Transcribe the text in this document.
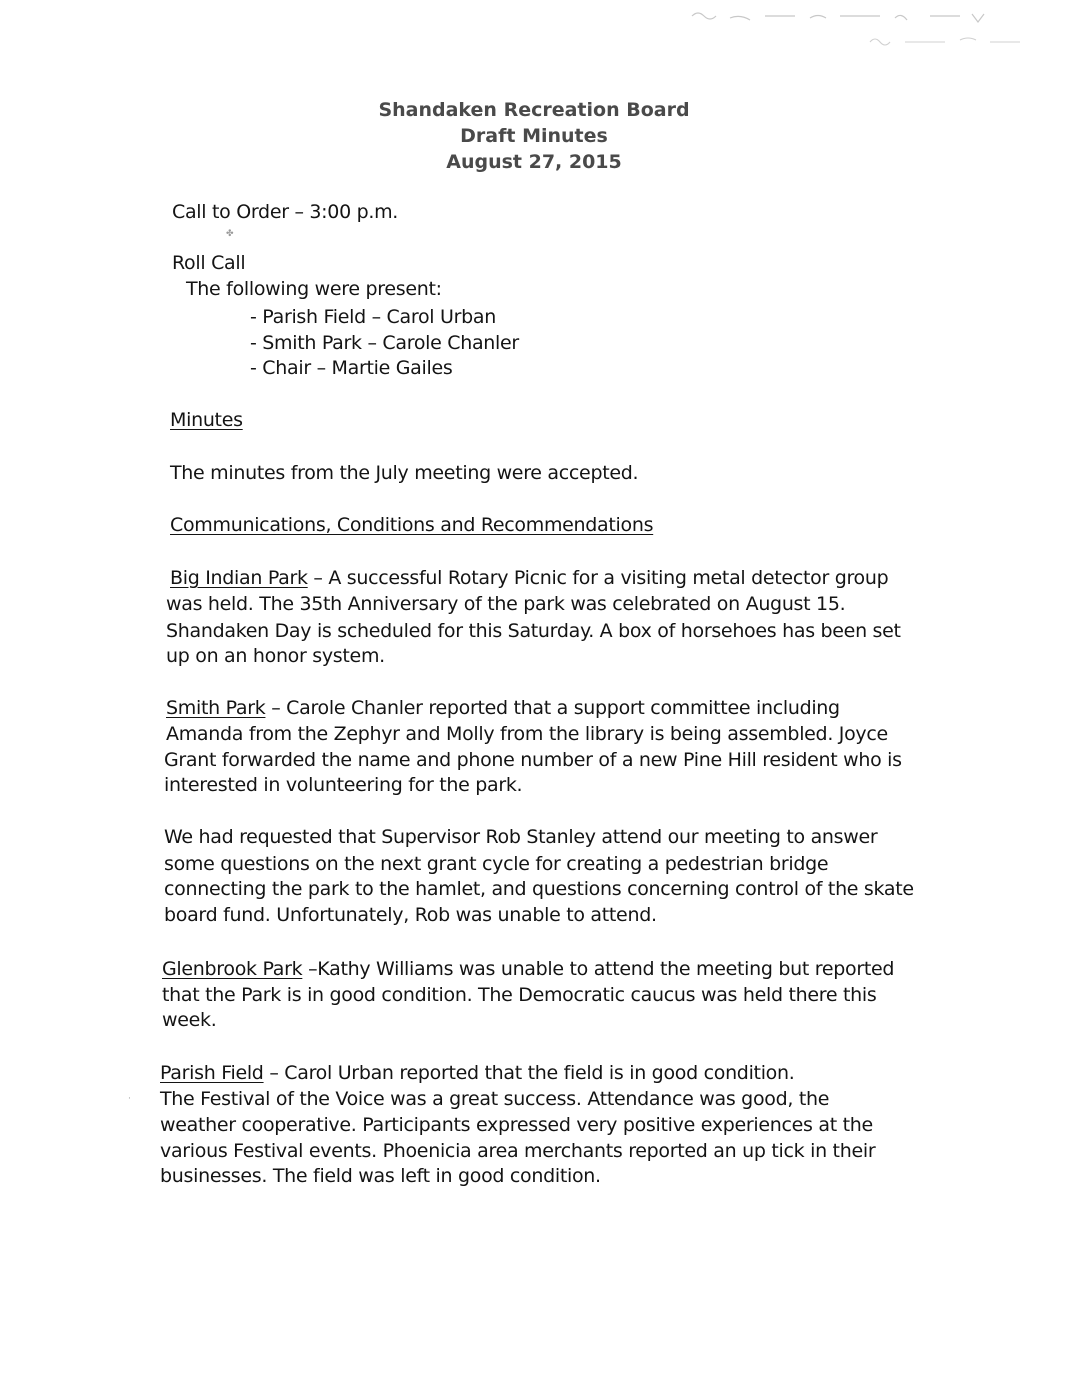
Shandaken Recreation Board
Draft Minutes
August 27, 2015
Call to Order – 3:00 p.m.
✤
Roll Call
The following were present:
- Parish Field – Carol Urban
- Smith Park – Carole Chanler
- Chair – Martie Gailes
Minutes
The minutes from the July meeting were accepted.
Communications, Conditions and Recommendations
Big Indian Park – A successful Rotary Picnic for a visiting metal detector group
was held. The 35th Anniversary of the park was celebrated on August 15.
Shandaken Day is scheduled for this Saturday. A box of horsehoes has been set
up on an honor system.
Smith Park – Carole Chanler reported that a support committee including
Amanda from the Zephyr and Molly from the library is being assembled. Joyce
Grant forwarded the name and phone number of a new Pine Hill resident who is
interested in volunteering for the park.
We had requested that Supervisor Rob Stanley attend our meeting to answer
some questions on the next grant cycle for creating a pedestrian bridge
connecting the park to the hamlet, and questions concerning control of the skate
board fund. Unfortunately, Rob was unable to attend.
Glenbrook Park –Kathy Williams was unable to attend the meeting but reported
that the Park is in good condition. The Democratic caucus was held there this
week.
Parish Field – Carol Urban reported that the field is in good condition.
The Festival of the Voice was a great success. Attendance was good, the
weather cooperative. Participants expressed very positive experiences at the
various Festival events. Phoenicia area merchants reported an up tick in their
businesses. The field was left in good condition.
·
